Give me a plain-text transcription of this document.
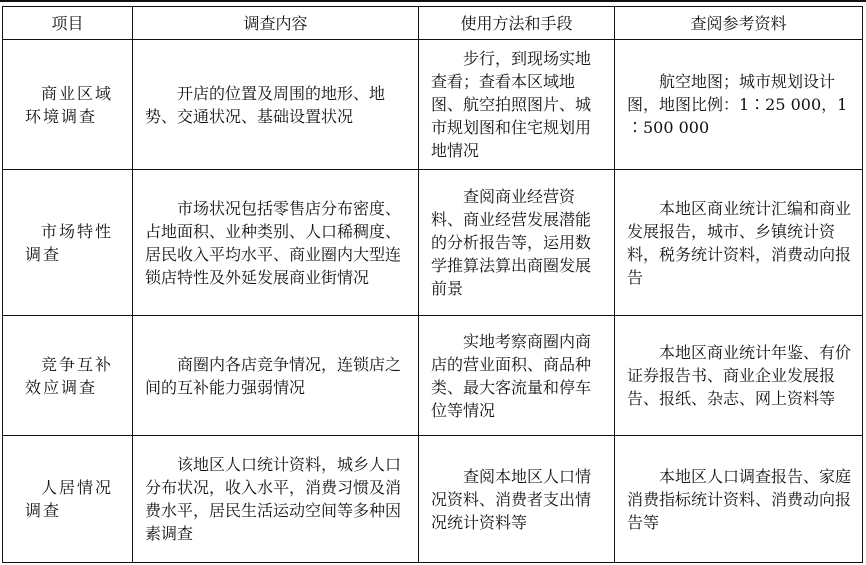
项目	调查内容	使用方法和手段	查阅参考资料

商业区域环境调查	开店的位置及周围的地形、地势、交通状况、基础设置状况	步行，到现场实地查看；查看本区域地图、航空拍照图片、城市规划图和住宅规划用地情况	航空地图；城市规划设计图，地图比例：1∶25 000，1∶500 000

市场特性调查	市场状况包括零售店分布密度、占地面积、业种类别、人口稀稠度、居民收入平均水平、商业圈内大型连锁店特性及外延发展商业街情况	查阅商业经营资料、商业经营发展潜能的分析报告等，运用数学推算法算出商圈发展前景	本地区商业统计汇编和商业发展报告，城市、乡镇统计资料，税务统计资料，消费动向报告

竞争互补效应调查	商圈内各店竞争情况，连锁店之间的互补能力强弱情况	实地考察商圈内商店的营业面积、商品种类、最大客流量和停车位等情况	本地区商业统计年鉴、有价证券报告书、商业企业发展报告、报纸、杂志、网上资料等

人居情况调查	该地区人口统计资料，城乡人口分布状况，收入水平，消费习惯及消费水平，居民生活运动空间等多种因素调查	查阅本地区人口情况资料、消费者支出情况统计资料等	本地区人口调查报告、家庭消费指标统计资料、消费动向报告等
